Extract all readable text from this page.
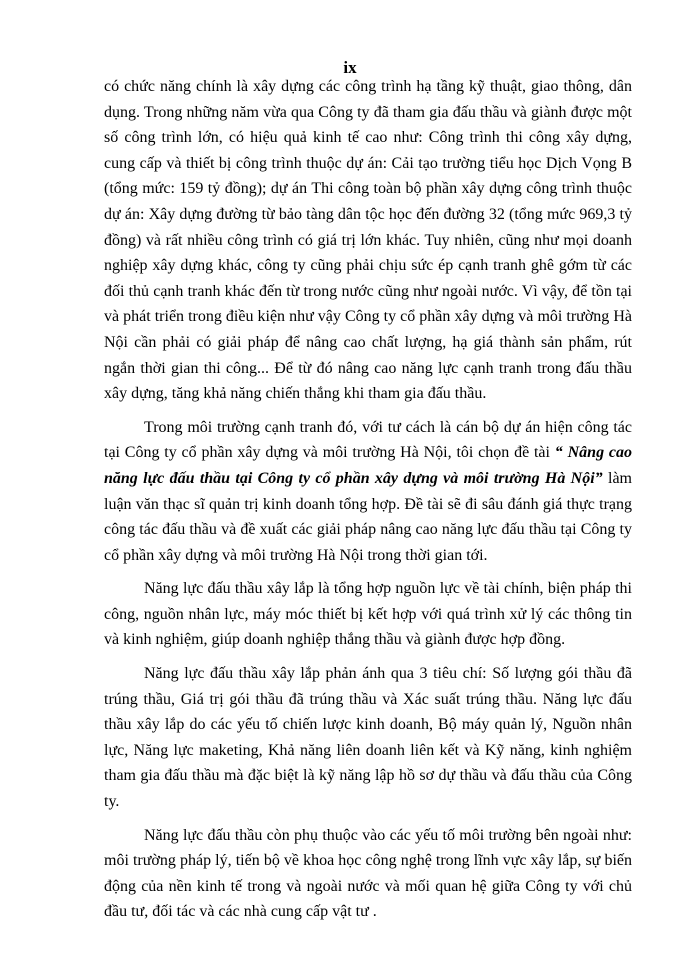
ix

có chức năng chính là xây dựng các công trình hạ tầng kỹ thuật, giao thông, dân dụng. Trong những năm vừa qua Công ty đã tham gia đấu thầu và giành được một số công trình lớn, có hiệu quả kinh tế cao như: Công trình thi công xây dựng, cung cấp và thiết bị công trình thuộc dự án: Cải tạo trường tiểu học Dịch Vọng B (tổng mức: 159 tỷ đồng); dự án Thi công toàn bộ phần xây dựng công trình thuộc dự án: Xây dựng đường từ bảo tàng dân tộc học đến đường 32 (tổng mức 969,3 tỷ đồng) và rất nhiều công trình có giá trị lớn khác. Tuy nhiên, cũng như mọi doanh nghiệp xây dựng khác, công ty cũng phải chịu sức ép cạnh tranh ghê gớm từ các đối thủ cạnh tranh khác đến từ trong nước cũng như ngoài nước. Vì vậy, để tồn tại và phát triển trong điều kiện như vậy Công ty cổ phần xây dựng và môi trường Hà Nội cần phải có giải pháp để nâng cao chất lượng, hạ giá thành sản phẩm, rút ngắn thời gian thi công... Để từ đó nâng cao năng lực cạnh tranh trong đấu thầu xây dựng, tăng khả năng chiến thắng khi tham gia đấu thầu.

Trong môi trường cạnh tranh đó, với tư cách là cán bộ dự án hiện công tác tại Công ty cổ phần xây dựng và môi trường Hà Nội, tôi chọn đề tài “ Nâng cao năng lực đấu thầu tại Công ty cổ phần xây dựng và môi trường Hà Nội” làm luận văn thạc sĩ quản trị kinh doanh tổng hợp. Đề tài sẽ đi sâu đánh giá thực trạng công tác đấu thầu và đề xuất các giải pháp nâng cao năng lực đấu thầu tại Công ty cổ phần xây dựng và môi trường Hà Nội trong thời gian tới.

Năng lực đấu thầu xây lắp là tổng hợp nguồn lực về tài chính, biện pháp thi công, nguồn nhân lực, máy móc thiết bị kết hợp với quá trình xử lý các thông tin và kinh nghiệm, giúp doanh nghiệp thắng thầu và giành được hợp đồng.

Năng lực đấu thầu xây lắp phản ánh qua 3 tiêu chí: Số lượng gói thầu đã trúng thầu, Giá trị gói thầu đã trúng thầu và Xác suất trúng thầu. Năng lực đấu thầu xây lắp do các yếu tố chiến lược kinh doanh, Bộ máy quản lý, Nguồn nhân lực, Năng lực maketing, Khả năng liên doanh liên kết và Kỹ năng, kinh nghiệm tham gia đấu thầu mà đặc biệt là kỹ năng lập hồ sơ dự thầu và đấu thầu của Công ty.

Năng lực đấu thầu còn phụ thuộc vào các yếu tố môi trường bên ngoài như: môi trường pháp lý, tiến bộ về khoa học công nghệ trong lĩnh vực xây lắp, sự biến động của nền kinh tế trong và ngoài nước và mối quan hệ giữa Công ty với chủ đầu tư, đối tác và các nhà cung cấp vật tư .
